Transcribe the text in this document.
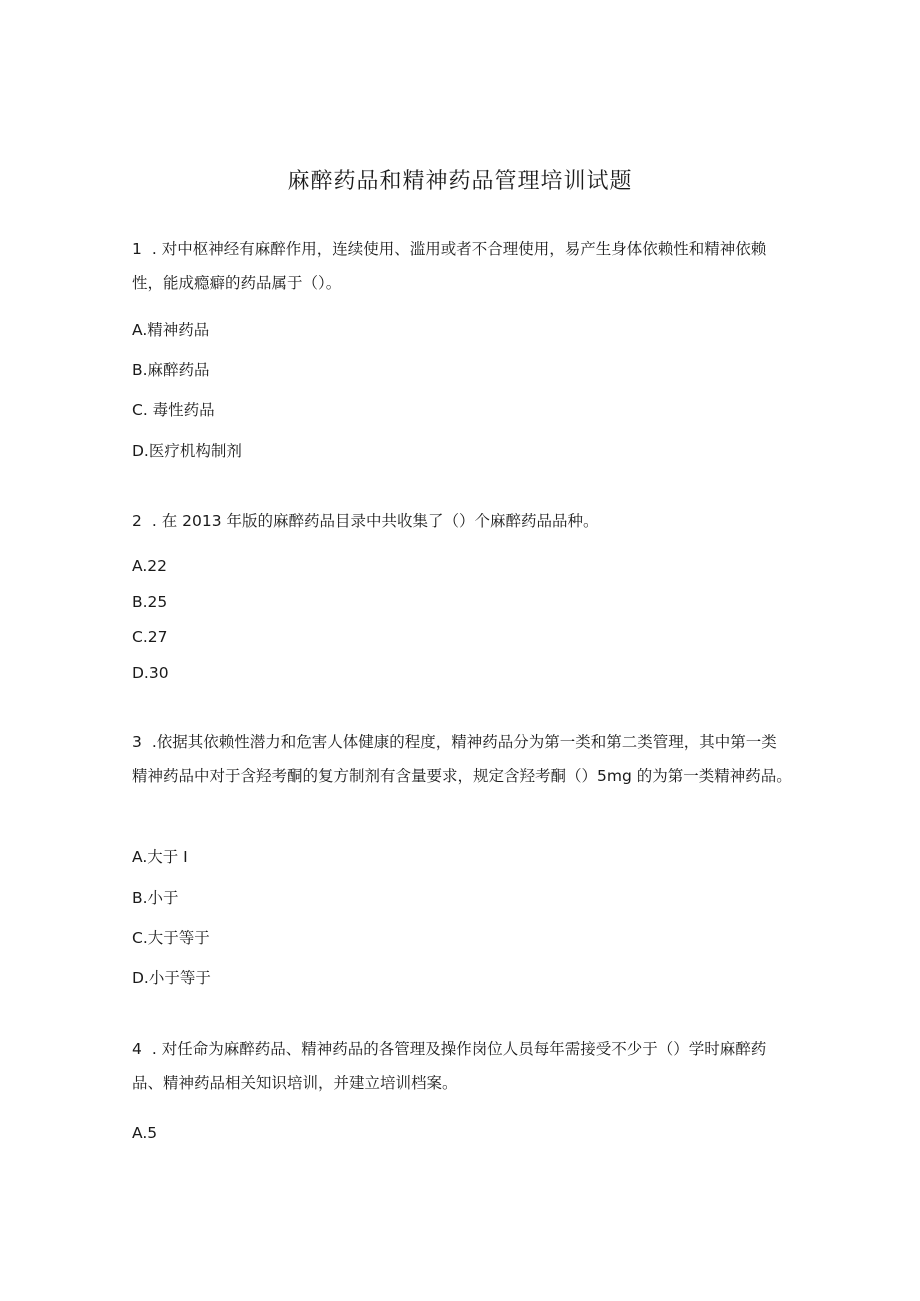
麻醉药品和精神药品管理培训试题
1 . 对中枢神经有麻醉作用，连续使用、滥用或者不合理使用，易产生身体依赖性和精神依赖性，能成瘾癖的药品属于（）。
A.精神药品
B.麻醉药品
C. 毒性药品
D.医疗机构制剂
2 . 在 2013 年版的麻醉药品目录中共收集了（）个麻醉药品品种。
A.22
B.25
C.27
D.30
3 .依据其依赖性潜力和危害人体健康的程度，精神药品分为第一类和第二类管理，其中第一类精神药品中对于含羟考酮的复方制剂有含量要求，规定含羟考酮（）5mg 的为第一类精神药品。
A.大于 I
B.小于
C.大于等于
D.小于等于
4 . 对任命为麻醉药品、精神药品的各管理及操作岗位人员每年需接受不少于（）学时麻醉药品、精神药品相关知识培训，并建立培训档案。
A.5
